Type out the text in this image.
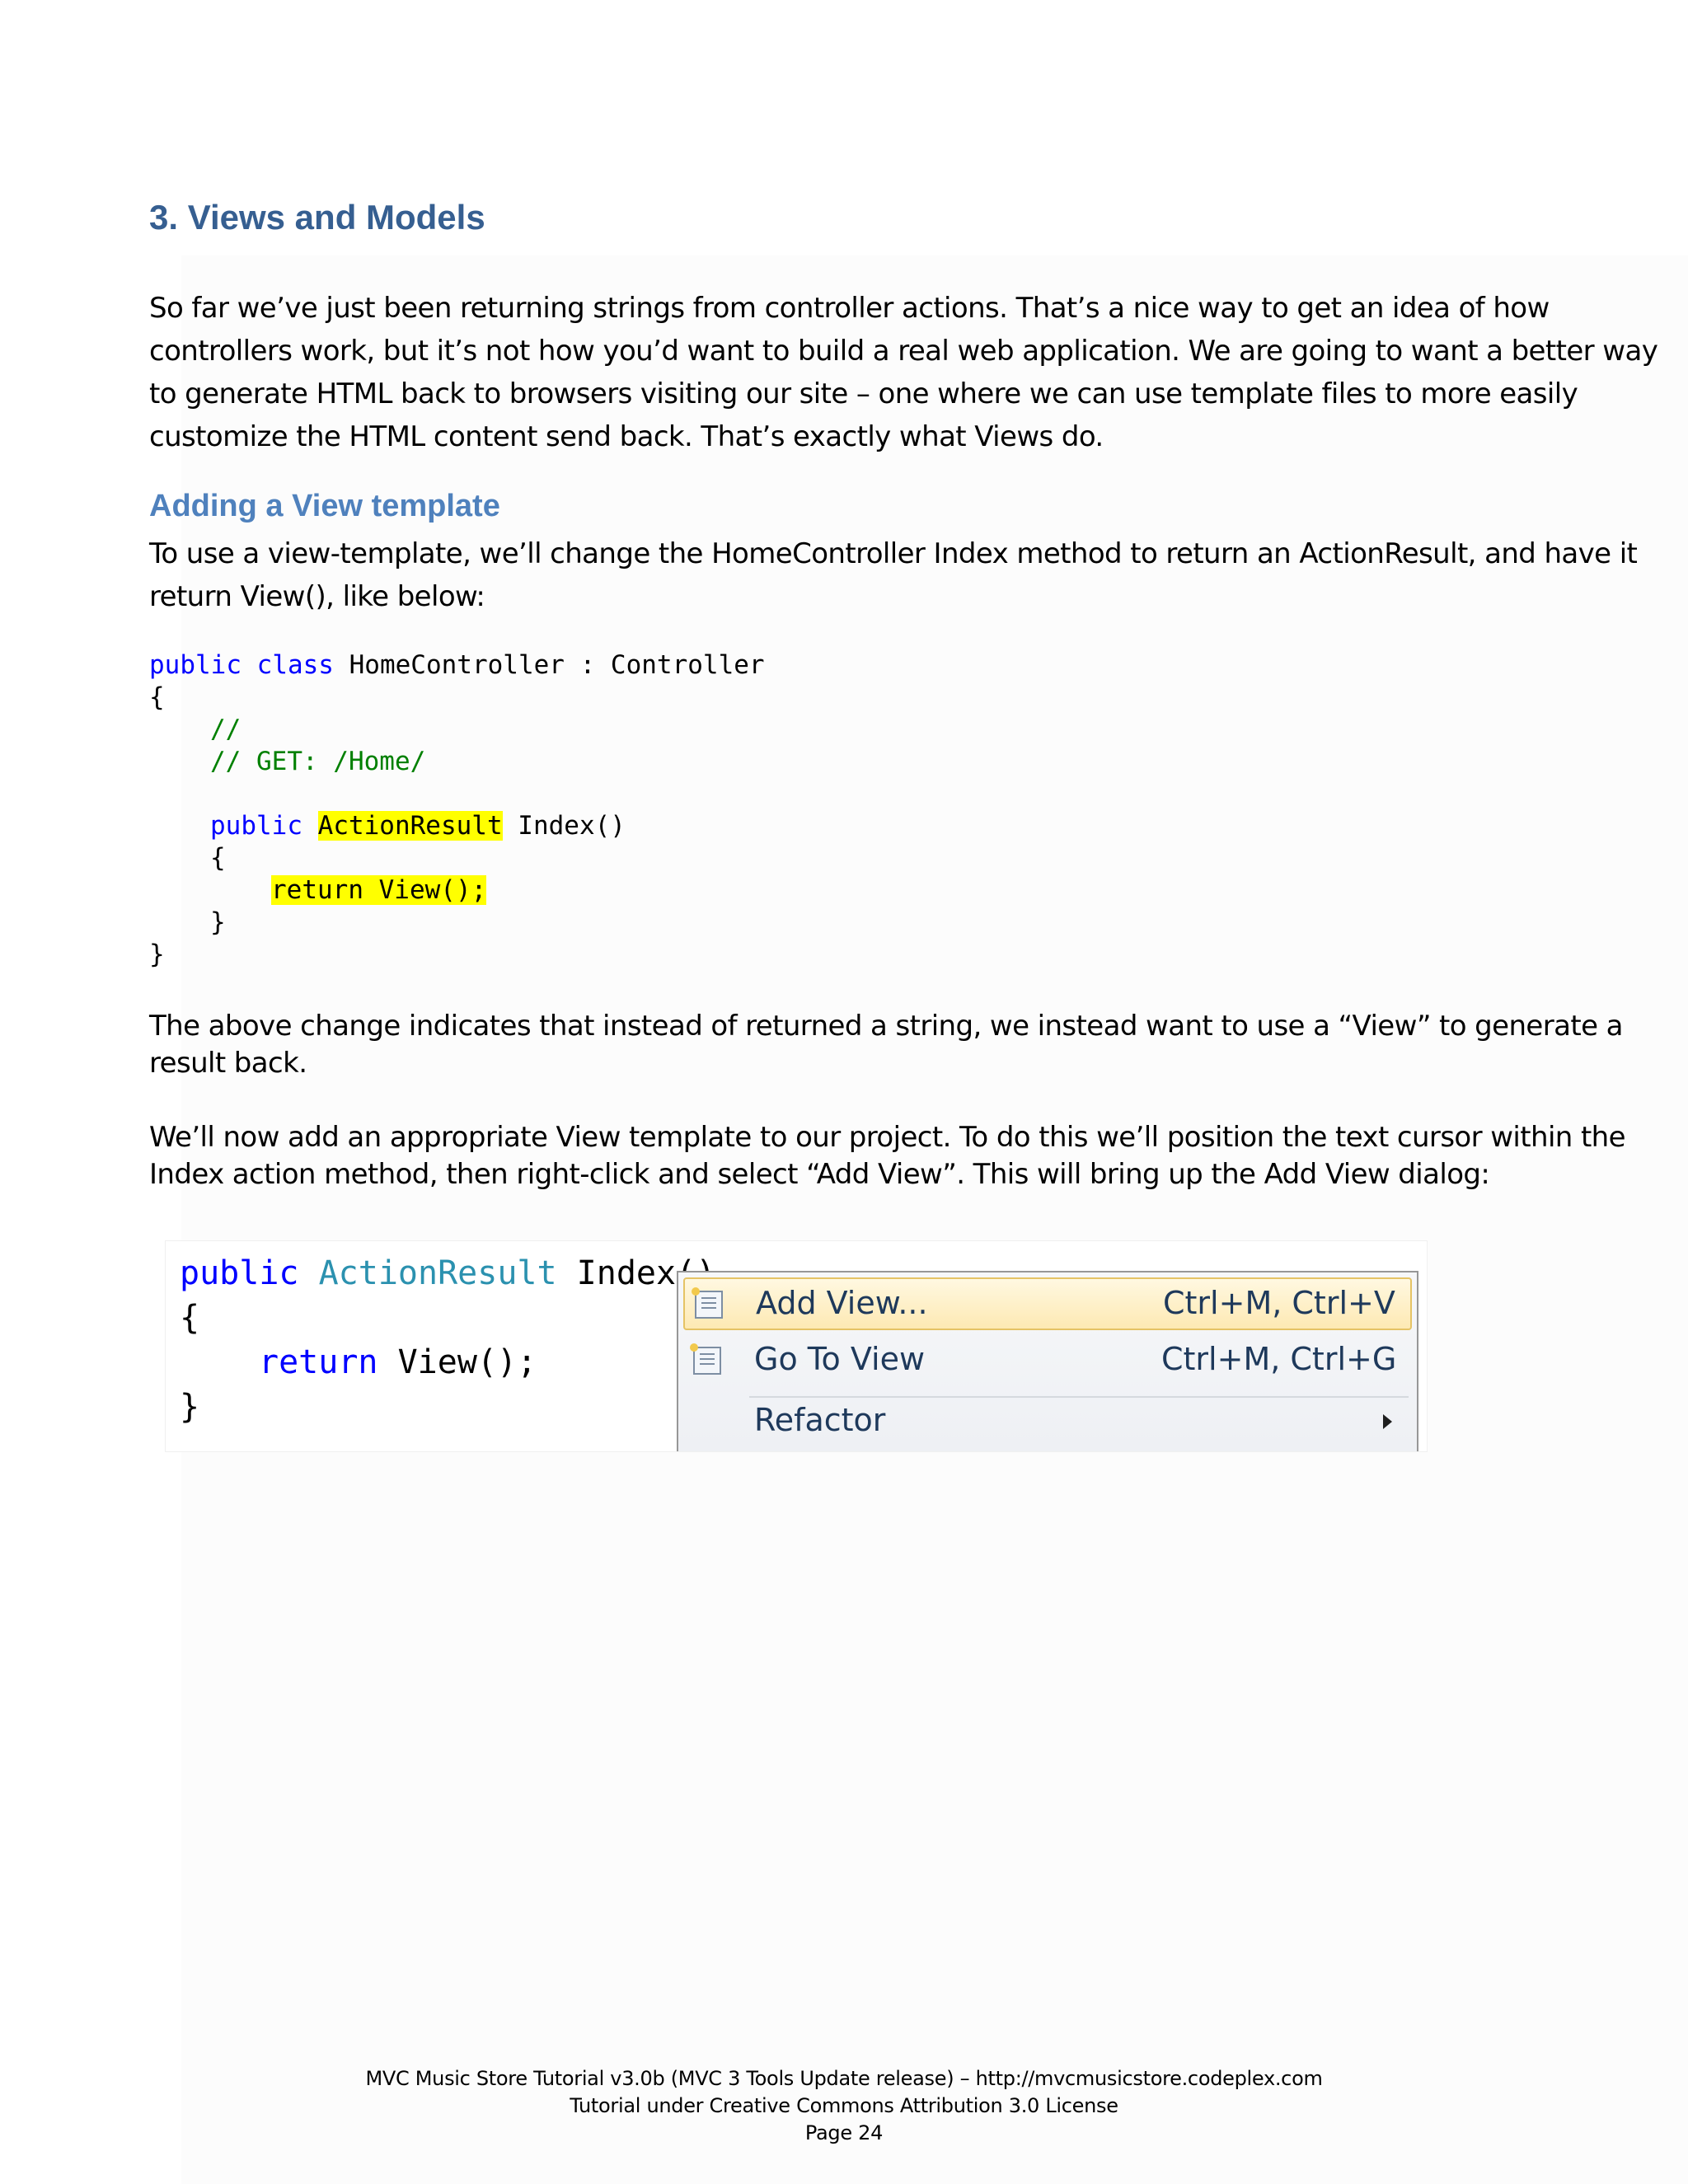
3. Views and Models
So far we’ve just been returning strings from controller actions. That’s a nice way to get an idea of how
controllers work, but it’s not how you’d want to build a real web application. We are going to want a better way
to generate HTML back to browsers visiting our site – one where we can use template files to more easily
customize the HTML content send back. That’s exactly what Views do.
Adding a View template
To use a view-template, we’ll change the HomeController Index method to return an ActionResult, and have it
return View(), like below:
public class HomeController : Controller
{
//
// GET: /Home/
public ActionResult Index()
{
return View();
}
}
The above change indicates that instead of returned a string, we instead want to use a “View” to generate a
result back.
We’ll now add an appropriate View template to our project. To do this we’ll position the text cursor within the
Index action method, then right-click and select “Add View”. This will bring up the Add View dialog:
public ActionResult Index
{
return View();
}
Add View...	Ctrl+M, Ctrl+V
Go To View	Ctrl+M, Ctrl+G
Refactor
MVC Music Store Tutorial v3.0b (MVC 3 Tools Update release) – http://mvcmusicstore.codeplex.com
Tutorial under Creative Commons Attribution 3.0 License
Page 24
